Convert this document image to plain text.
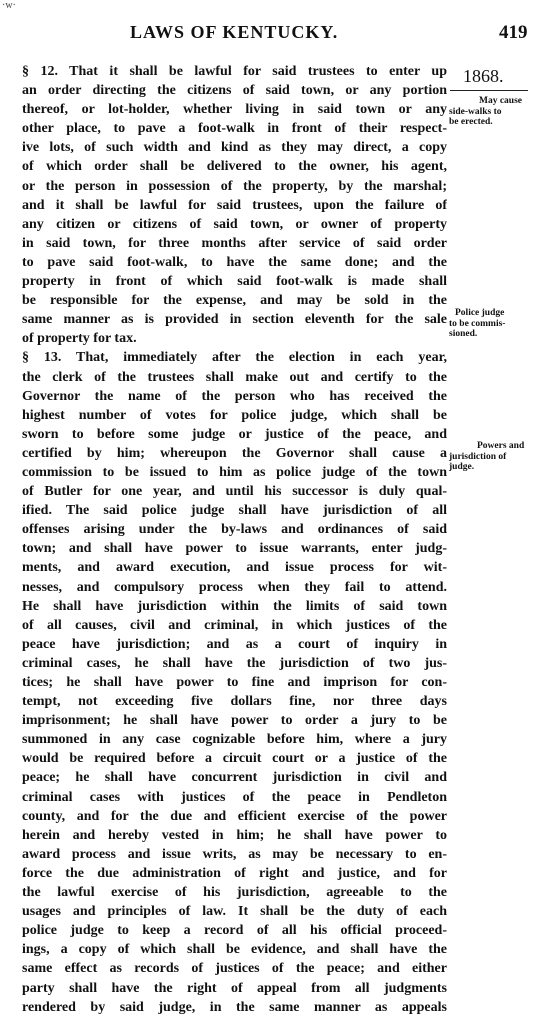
·w·
LAWS OF KENTUCKY.	419
1868.
May cause
side-walks to
be erected.
Police judge
to be commis-
sioned.
Powers and
jurisdiction of
judge.
§ 12. That it shall be lawful for said trustees to enter up
an order directing the citizens of said town, or any portion
thereof, or lot-holder, whether living in said town or any
other place, to pave a foot-walk in front of their respect-
ive lots, of such width and kind as they may direct, a copy
of which order shall be delivered to the owner, his agent,
or the person in possession of the property, by the marshal;
and it shall be lawful for said trustees, upon the failure of
any citizen or citizens of said town, or owner of property
in said town, for three months after service of said order
to pave said foot-walk, to have the same done; and the
property in front of which said foot-walk is made shall
be responsible for the expense, and may be sold in the
same manner as is provided in section eleventh for the sale
of property for tax.
§ 13. That, immediately after the election in each year,
the clerk of the trustees shall make out and certify to the
Governor the name of the person who has received the
highest number of votes for police judge, which shall be
sworn to before some judge or justice of the peace, and
certified by him; whereupon the Governor shall cause a
commission to be issued to him as police judge of the town
of Butler for one year, and until his successor is duly qual-
ified. The said police judge shall have jurisdiction of all
offenses arising under the by-laws and ordinances of said
town; and shall have power to issue warrants, enter judg-
ments, and award execution, and issue process for wit-
nesses, and compulsory process when they fail to attend.
He shall have jurisdiction within the limits of said town
of all causes, civil and criminal, in which justices of the
peace have jurisdiction; and as a court of inquiry in
criminal cases, he shall have the jurisdiction of two jus-
tices; he shall have power to fine and imprison for con-
tempt, not exceeding five dollars fine, nor three days
imprisonment; he shall have power to order a jury to be
summoned in any case cognizable before him, where a jury
would be required before a circuit court or a justice of the
peace; he shall have concurrent jurisdiction in civil and
criminal cases with justices of the peace in Pendleton
county, and for the due and efficient exercise of the power
herein and hereby vested in him; he shall have power to
award process and issue writs, as may be necessary to en-
force the due administration of right and justice, and for
the lawful exercise of his jurisdiction, agreeable to the
usages and principles of law. It shall be the duty of each
police judge to keep a record of all his official proceed-
ings, a copy of which shall be evidence, and shall have the
same effect as records of justices of the peace; and either
party shall have the right of appeal from all judgments
rendered by said judge, in the same manner as appeals
